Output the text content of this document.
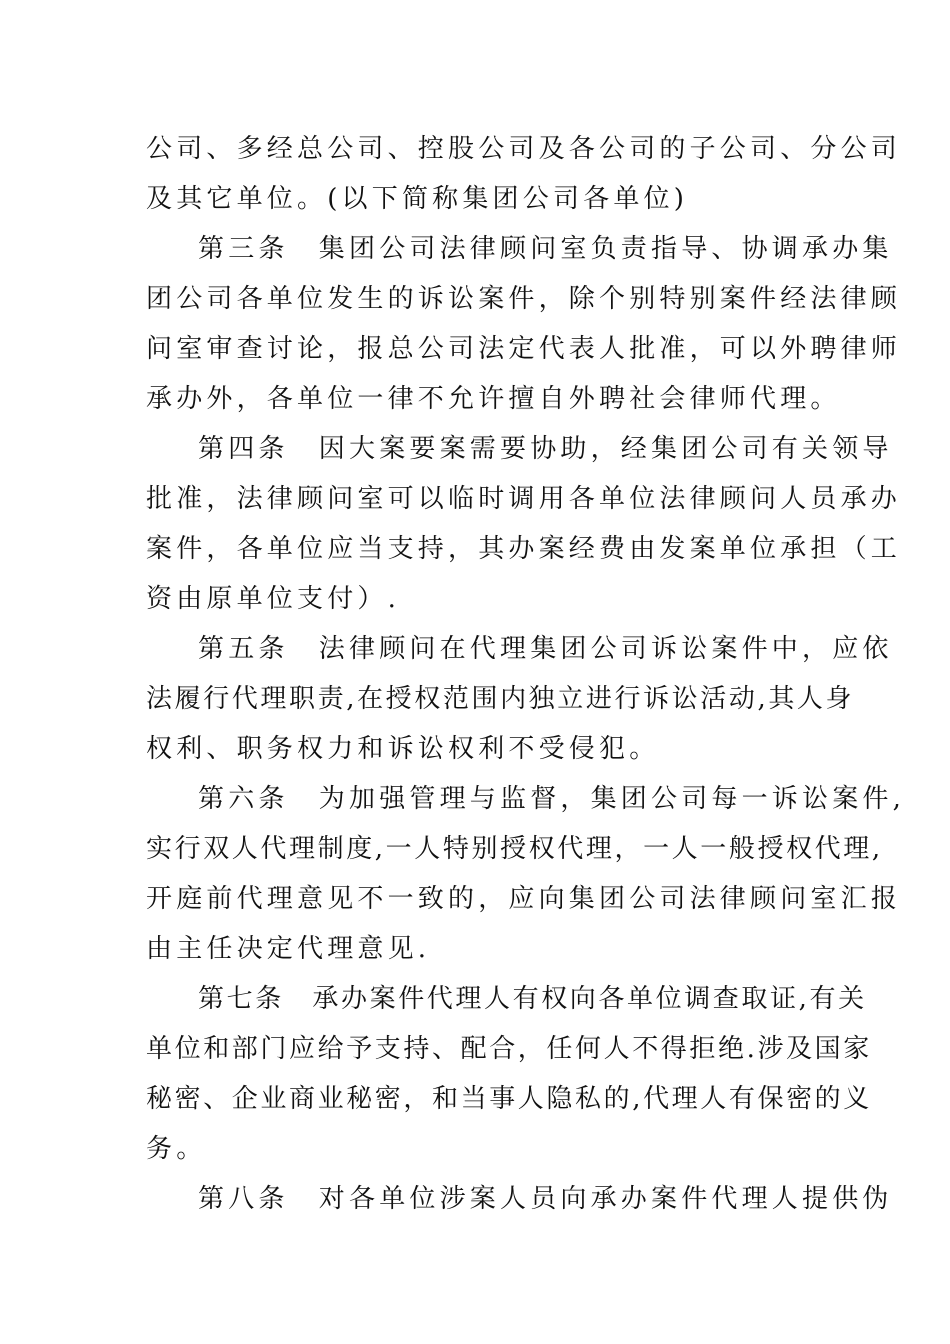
公司、多经总公司、控股公司及各公司的子公司、分公司
及其它单位。(以下简称集团公司各单位)
第三条　集团公司法律顾问室负责指导、协调承办集
团公司各单位发生的诉讼案件，除个别特别案件经法律顾
问室审查讨论，报总公司法定代表人批准，可以外聘律师
承办外，各单位一律不允许擅自外聘社会律师代理。
第四条　因大案要案需要协助，经集团公司有关领导
批准，法律顾问室可以临时调用各单位法律顾问人员承办
案件，各单位应当支持，其办案经费由发案单位承担（工
资由原单位支付）.
第五条　法律顾问在代理集团公司诉讼案件中，应依
法履行代理职责,在授权范围内独立进行诉讼活动,其人身
权利、职务权力和诉讼权利不受侵犯。
第六条　为加强管理与监督，集团公司每一诉讼案件,
实行双人代理制度,一人特别授权代理，一人一般授权代理,
开庭前代理意见不一致的，应向集团公司法律顾问室汇报
由主任决定代理意见.
第七条　承办案件代理人有权向各单位调查取证,有关
单位和部门应给予支持、配合，任何人不得拒绝.涉及国家
秘密、企业商业秘密，和当事人隐私的,代理人有保密的义
务。
第八条　对各单位涉案人员向承办案件代理人提供伪
